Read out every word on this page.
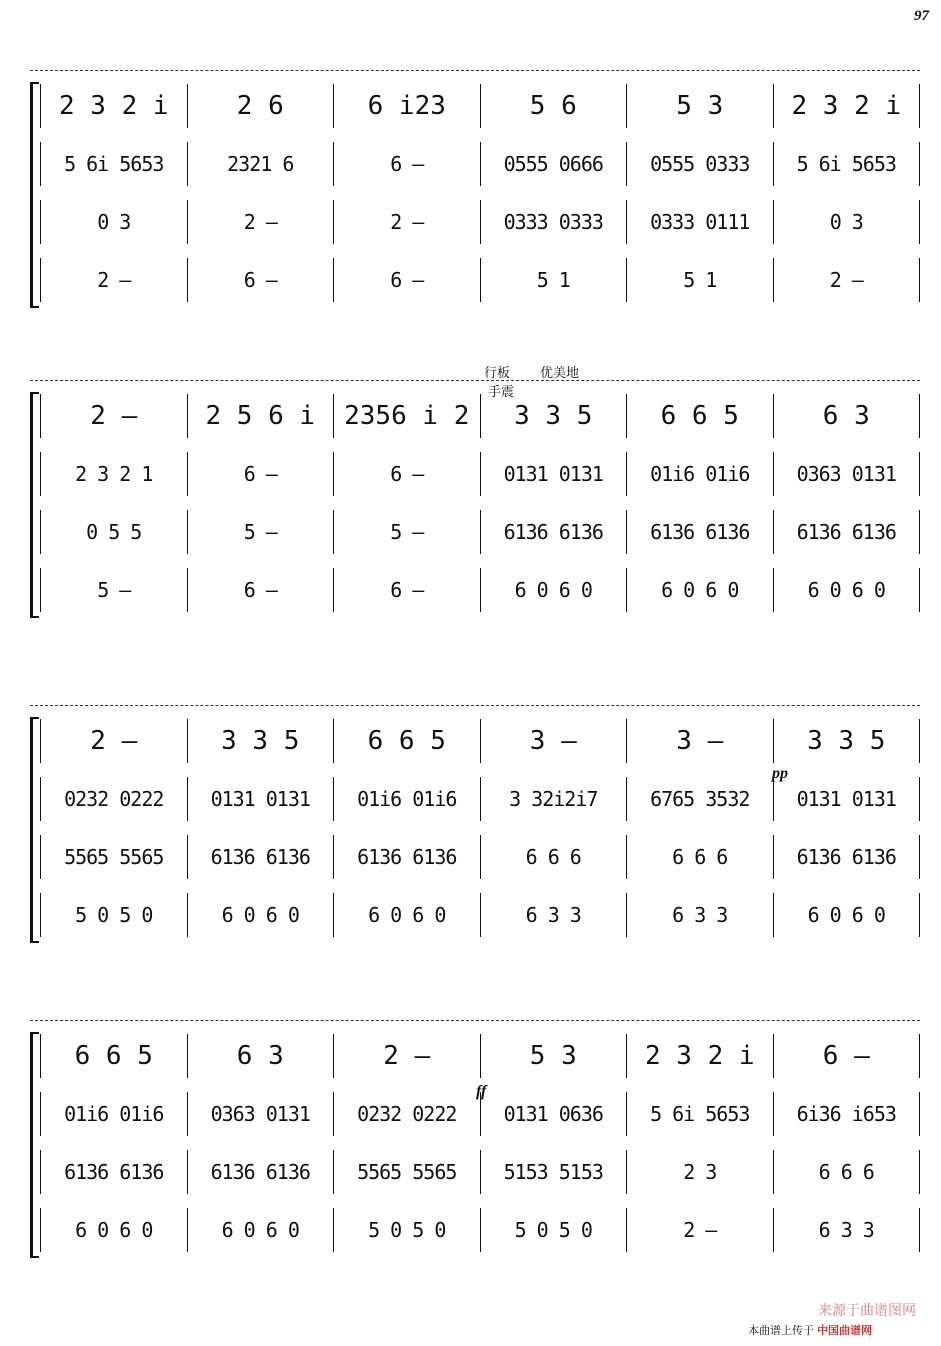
97
2 3 2 i	2 6	6 i23	5 6	5 3	2 3 2 i
5 6i 5653	2321 6	6 –	0555 0666	0555 0333	5 6i 5653
0 3	2 –	2 –	0333 0333	0333 0111	0 3
2 –	6 –	6 –	5 1	5 1	2 –
2 –	2 5 6 i	2356 i 2	3 3 5	6 6 5	6 3
2 3 2 1	6 –	6 –	0131 0131	01i6 01i6	0363 0131
0 5 5	5 –	5 –	6136 6136	6136 6136	6136 6136
5 –	6 –	6 –	6 0 6 0	6 0 6 0	6 0 6 0
2 –	3 3 5	6 6 5	3 –	3 –	3 3 5
0232 0222	0131 0131	01i6 01i6	3 32i2i7	6765 3532	0131 0131
5565 5565	6136 6136	6136 6136	6 6 6	6 6 6	6136 6136
5 0 5 0	6 0 6 0	6 0 6 0	6 3 3	6 3 3	6 0 6 0
6 6 5	6 3	2 –	5 3	2 3 2 i	6 –
01i6 01i6	0363 0131	0232 0222	0131 0636	5 6i 5653	6i36 i653
6136 6136	6136 6136	5565 5565	5153 5153	2 3	6 6 6
6 0 6 0	6 0 6 0	5 0 5 0	5 0 5 0	2 –	6 3 3
行板 优美地
手震
pp
ff
本曲谱上传于 中国曲谱网
来源于曲谱图网
